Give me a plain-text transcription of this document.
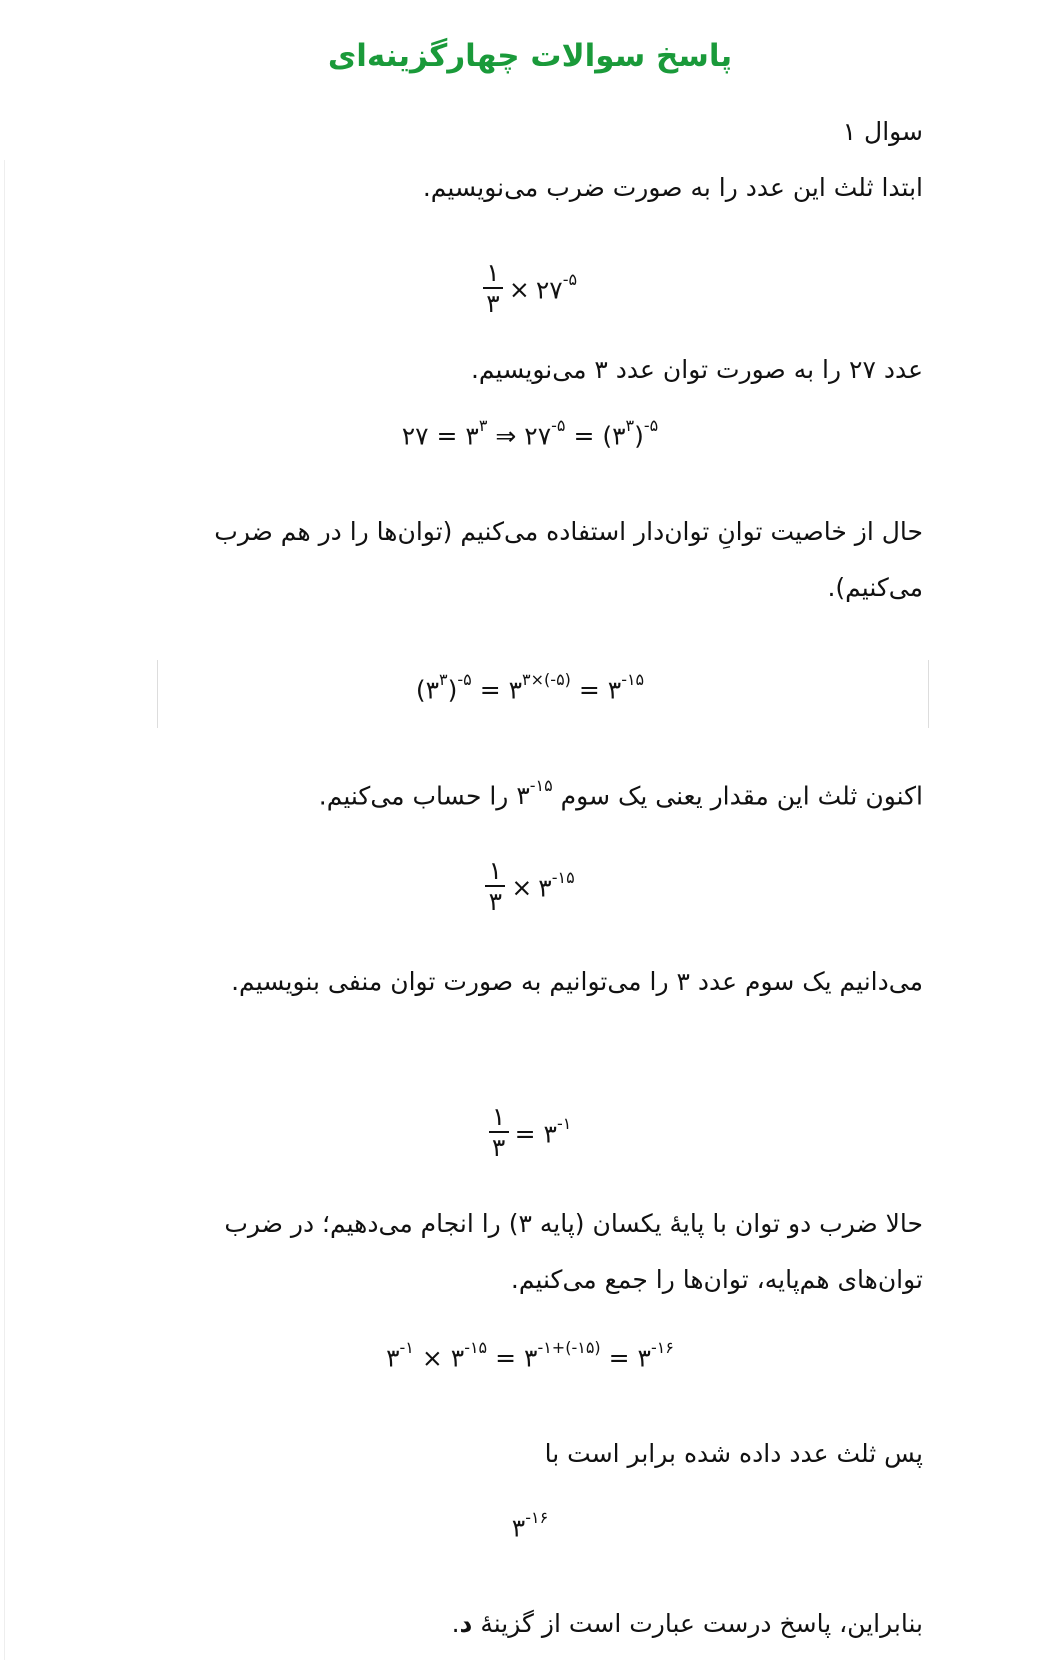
پاسخ سوالات چهارگزینه‌ای

سوال ۱

ابتدا ثلث این عدد را به صورت ضرب می‌نویسیم.

$\frac{۱}{۳}$ × $۲۷^{-۵}$

عدد ۲۷ را به صورت توان عدد ۳ می‌نویسیم.

۲۷ = $۳^۳$ ⇒ $۲۷^{-۵}$ = $(۳^۳)^{-۵}$

حال از خاصیت توانِ توان‌دار استفاده می‌کنیم (توان‌ها را در هم ضرب می‌کنیم).

$(۳^۳)^{-۵}$ = $۳^{۳\times(-۵)}$ = $۳^{-۱۵}$

اکنون ثلث این مقدار یعنی یک سوم $۳^{-۱۵}$ را حساب می‌کنیم.

$\frac{۱}{۳}$ × $۳^{-۱۵}$

می‌دانیم یک سوم عدد ۳ را می‌توانیم به صورت توان منفی بنویسیم.

$\frac{۱}{۳}$ = $۳^{-۱}$

حالا ضرب دو توان با پایهٔ یکسان (پایه ۳) را انجام می‌دهیم؛ در ضرب توان‌های هم‌پایه، توان‌ها را جمع می‌کنیم.

$۳^{-۱}$ × $۳^{-۱۵}$ = $۳^{-۱+(-۱۵)}$ = $۳^{-۱۶}$

پس ثلث عدد داده شده برابر است با

$۳^{-۱۶}$

بنابراین، پاسخ درست عبارت است از گزینهٔ د.
